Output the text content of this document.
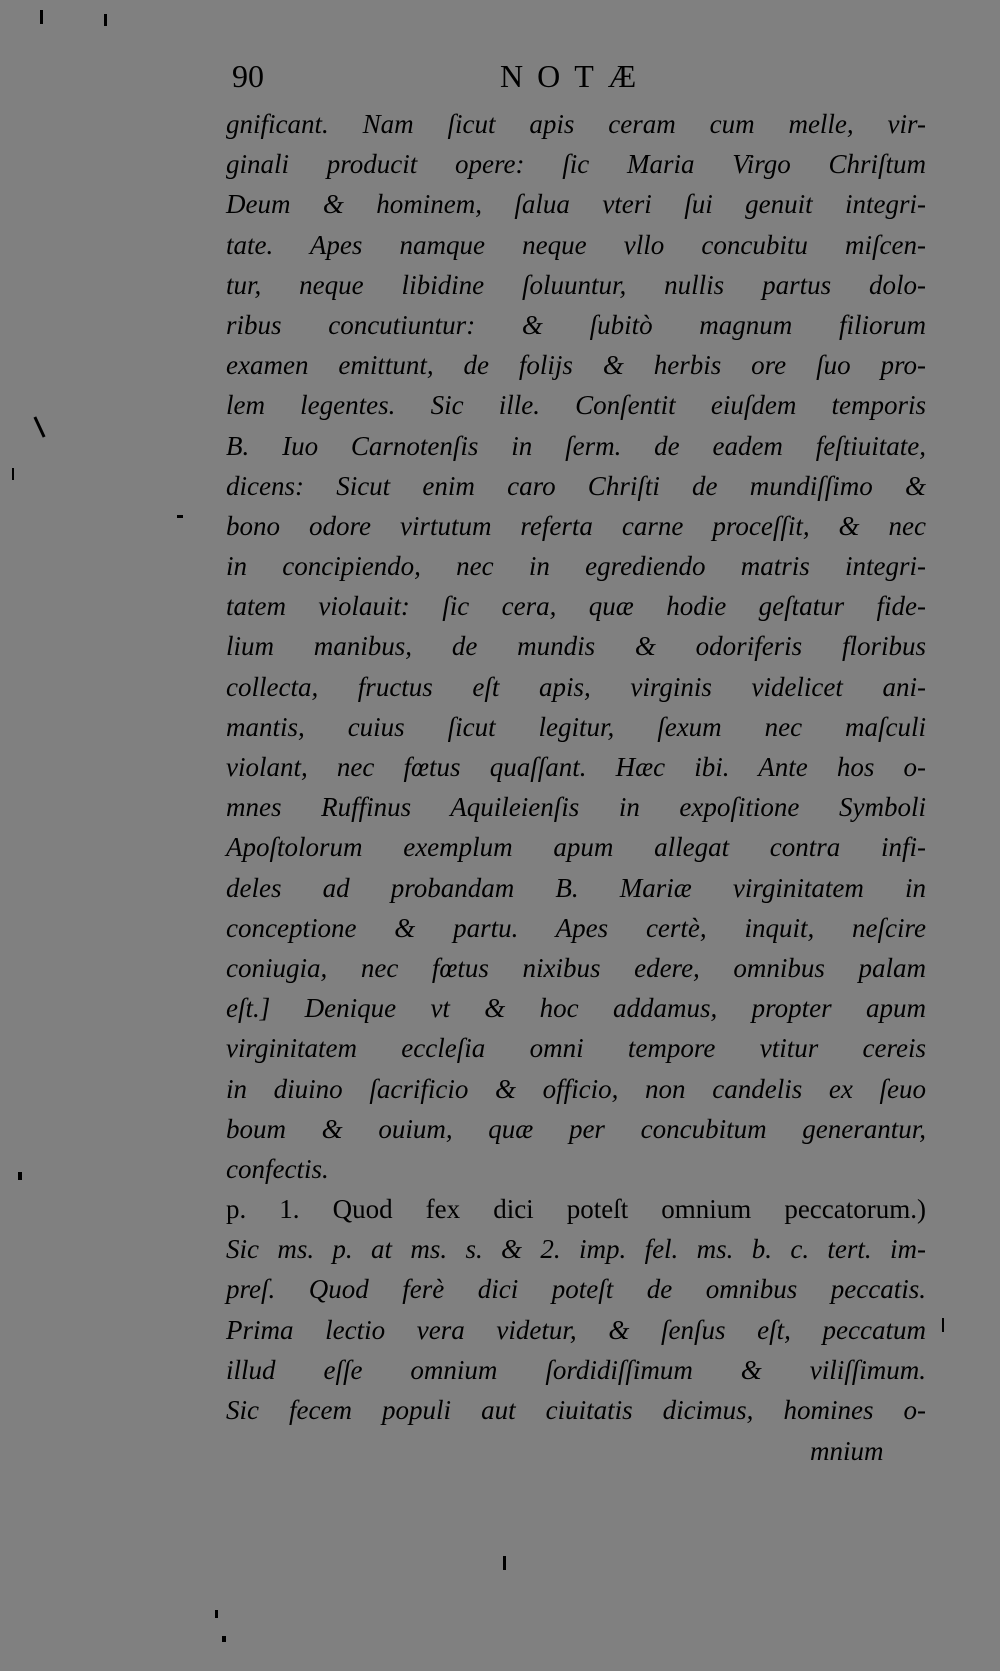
90	NOTÆ
gnificant. Nam ſicut apis ceram cum melle, vir-
ginali producit opere: ſic Maria Virgo Chriſtum
Deum & hominem, ſalua vteri ſui genuit integri-
tate. Apes namque neque vllo concubitu miſcen-
tur, neque libidine ſoluuntur, nullis partus dolo-
ribus concutiuntur: & ſubitò magnum filiorum
examen emittunt, de folijs & herbis ore ſuo pro-
lem legentes. Sic ille. Conſentit eiuſdem temporis
B. Iuo Carnotenſis in ſerm. de eadem feſtiuitate,
dicens: Sicut enim caro Chriſti de mundiſſimo &
bono odore virtutum referta carne proceſſit, & nec
in concipiendo, nec in egrediendo matris integri-
tatem violauit: ſic cera, quæ hodie geſtatur fide-
lium manibus, de mundis & odoriferis floribus
collecta, fructus eſt apis, virginis videlicet ani-
mantis, cuius ſicut legitur, ſexum nec maſculi
violant, nec fœtus quaſſant. Hæc ibi. Ante hos o-
mnes Ruffinus Aquileienſis in expoſitione Symboli
Apoſtolorum exemplum apum allegat contra infi-
deles ad probandam B. Mariæ virginitatem in
conceptione & partu. Apes certè, inquit, neſcire
coniugia, nec fœtus nixibus edere, omnibus palam
eſt.] Denique vt & hoc addamus, propter apum
virginitatem eccleſia omni tempore vtitur cereis
in diuino ſacrificio & officio, non candelis ex ſeuo
boum & ouium, quæ per concubitum generantur,
confectis.
p. 1. Quod fex dici poteſt omnium peccatorum.)
Sic ms. p. at ms. s. & 2. imp. fel. ms. b. c. tert. im-
preſ. Quod ferè dici poteſt de omnibus peccatis.
Prima lectio vera videtur, & ſenſus eſt, peccatum
illud eſſe omnium ſordidiſſimum & viliſſimum.
Sic fecem populi aut ciuitatis dicimus, homines o-
mnium
